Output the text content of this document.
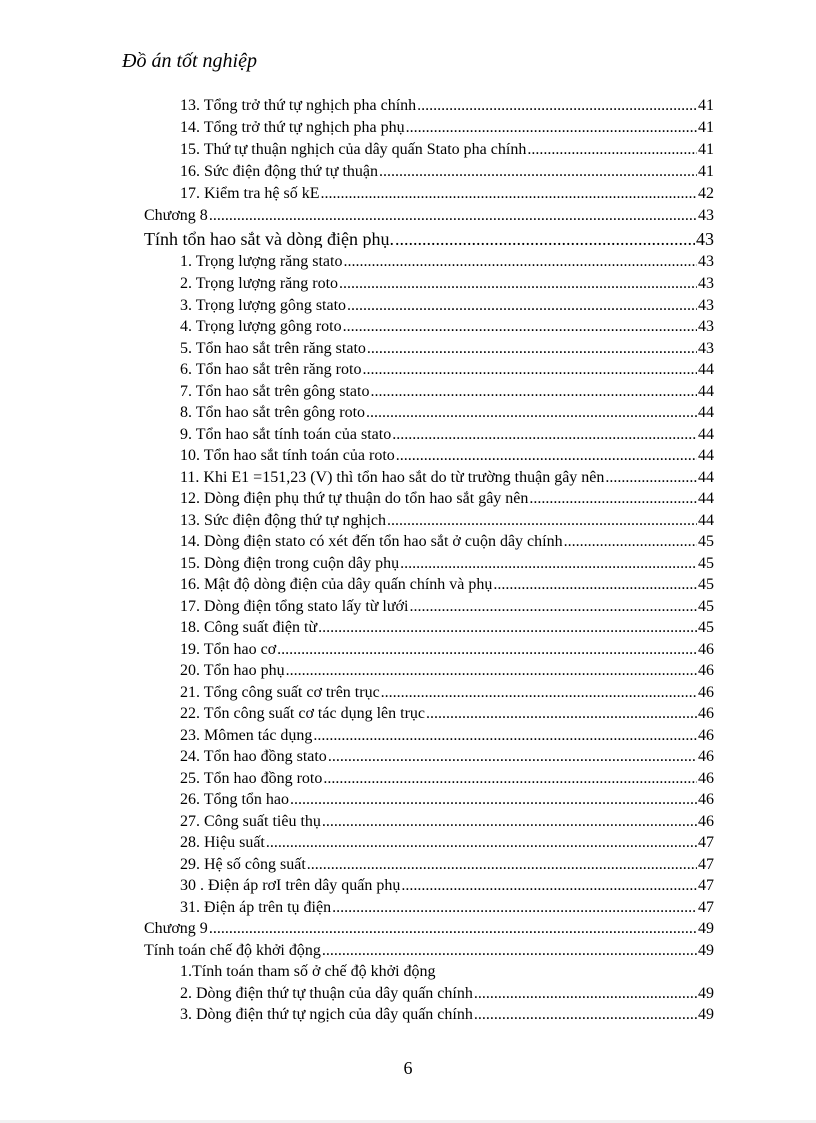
Đồ án tốt nghiệp
13. Tổng trở thứ tự nghịch pha chính .....	41
14. Tổng trở thứ tự nghịch pha phụ .....	41
15. Thứ tự thuận nghịch của dây quấn Stato pha chính .....	41
16. Sức điện động thứ tự thuận .....	41
17. Kiểm tra hệ số kE .....	42
Chương 8 .....	43
Tính tổn hao sắt và dòng điện phụ. .....	43
1. Trọng lượng răng stato .....	43
2. Trọng lượng răng roto .....	43
3. Trọng lượng gông stato .....	43
4. Trọng lượng gông roto .....	43
5. Tổn hao sắt trên răng stato .....	43
6. Tổn hao sắt trên răng roto .....	44
7. Tổn hao sắt trên gông stato .....	44
8. Tổn hao sắt trên gông roto .....	44
9. Tổn hao sắt tính toán của stato .....	44
10. Tổn hao sắt tính toán của roto .....	44
11. Khi E1 =151,23 (V) thì tổn hao sắt do từ trường thuận gây nên .....	44
12. Dòng điện phụ thứ tự thuận do tổn hao sắt gây nên .....	44
13. Sức điện động thứ tự nghịch .....	44
14. Dòng điện stato có xét đến tổn hao sắt ở cuộn dây chính .....	45
15. Dòng điện trong cuộn dây phụ .....	45
16. Mật độ dòng điện của dây quấn chính và phụ .....	45
17. Dòng điện tổng stato lấy từ lưới .....	45
18. Công suất điện từ .....	45
19. Tổn hao cơ .....	46
20. Tổn hao phụ .....	46
21. Tổng công suất cơ trên trục .....	46
22. Tổn công suất cơ tác dụng lên trục .....	46
23. Mômen tác dụng .....	46
24. Tổn hao đồng stato .....	46
25. Tổn hao đồng roto .....	46
26. Tổng tổn hao .....	46
27. Công suất tiêu thụ .....	46
28. Hiệu suất .....	47
29. Hệ số công suất .....	47
30 . Điện áp rơI trên dây quấn phụ .....	47
31. Điện áp trên tụ điện .....	47
Chương 9 .....	49
Tính toán chế độ khởi động .....	49
1.Tính toán tham số ở chế độ khởi động
2. Dòng điện thứ tự thuận của dây quấn chính .....	49
3. Dòng điện thứ tự ngịch của dây quấn chính .....	49
6
